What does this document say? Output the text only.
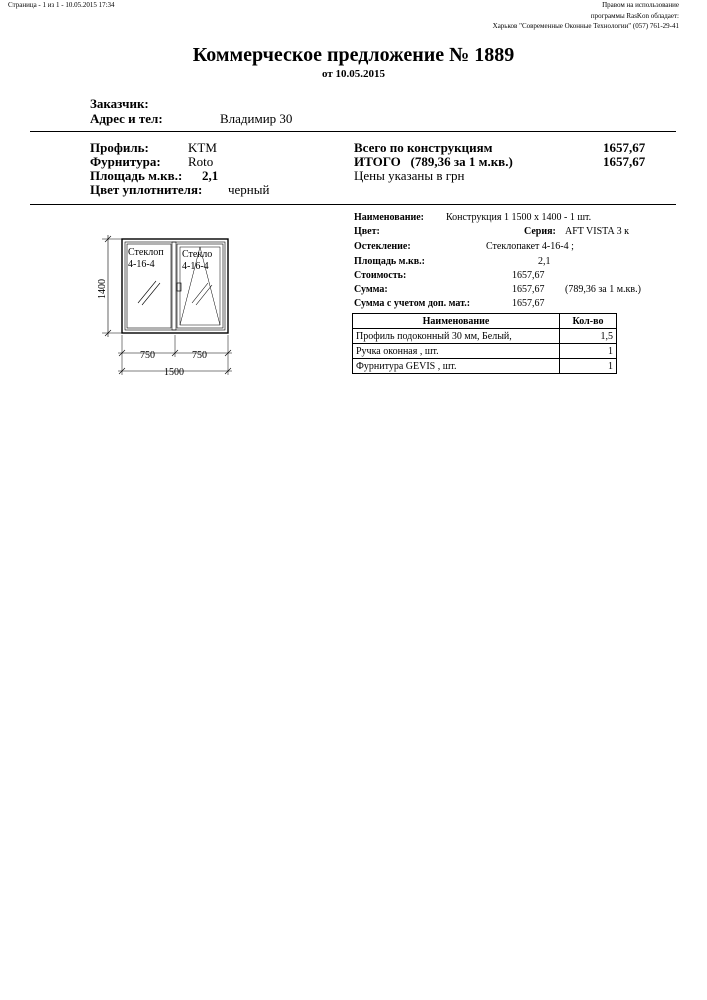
Страница - 1 из 1 - 10.05.2015 17:34	Правом на использование
программы RasKon обладает:
Харьков "Современные Оконные Технологии" (057) 761-29-41
Коммерческое предложение № 1889
от 10.05.2015
Заказчик:
Адрес и тел:	Владимир 30
Профиль:	KTM
Фурнитура: Roto
Площадь м.кв.: 2,1
Цвет уплотнителя: черный
Всего по конструкциям	1657,67
ИТОГО   (789,36 за 1 м.кв.)	1657,67
Цены указаны в грн
Наименование: Конструкция 1 1500 x 1400 - 1 шт.
Цвет:	Серия: AFT VISTA 3 к
Остекление:	Стеклопакет 4-16-4 ;
Площадь м.кв.:	2,1
Стоимость:	1657,67
Сумма:	1657,67 (789,36 за 1 м.кв.)
Сумма с учетом доп. мат.:	1657,67
Наименование	Кол-во
Профиль подоконный 30 мм, Белый,	1,5
Ручка оконная , шт.	1
Фурнитура GEVIS , шт.	1
Стеклоп
4-16-4
Стекло
4-16-4
1400
750	750
1500
